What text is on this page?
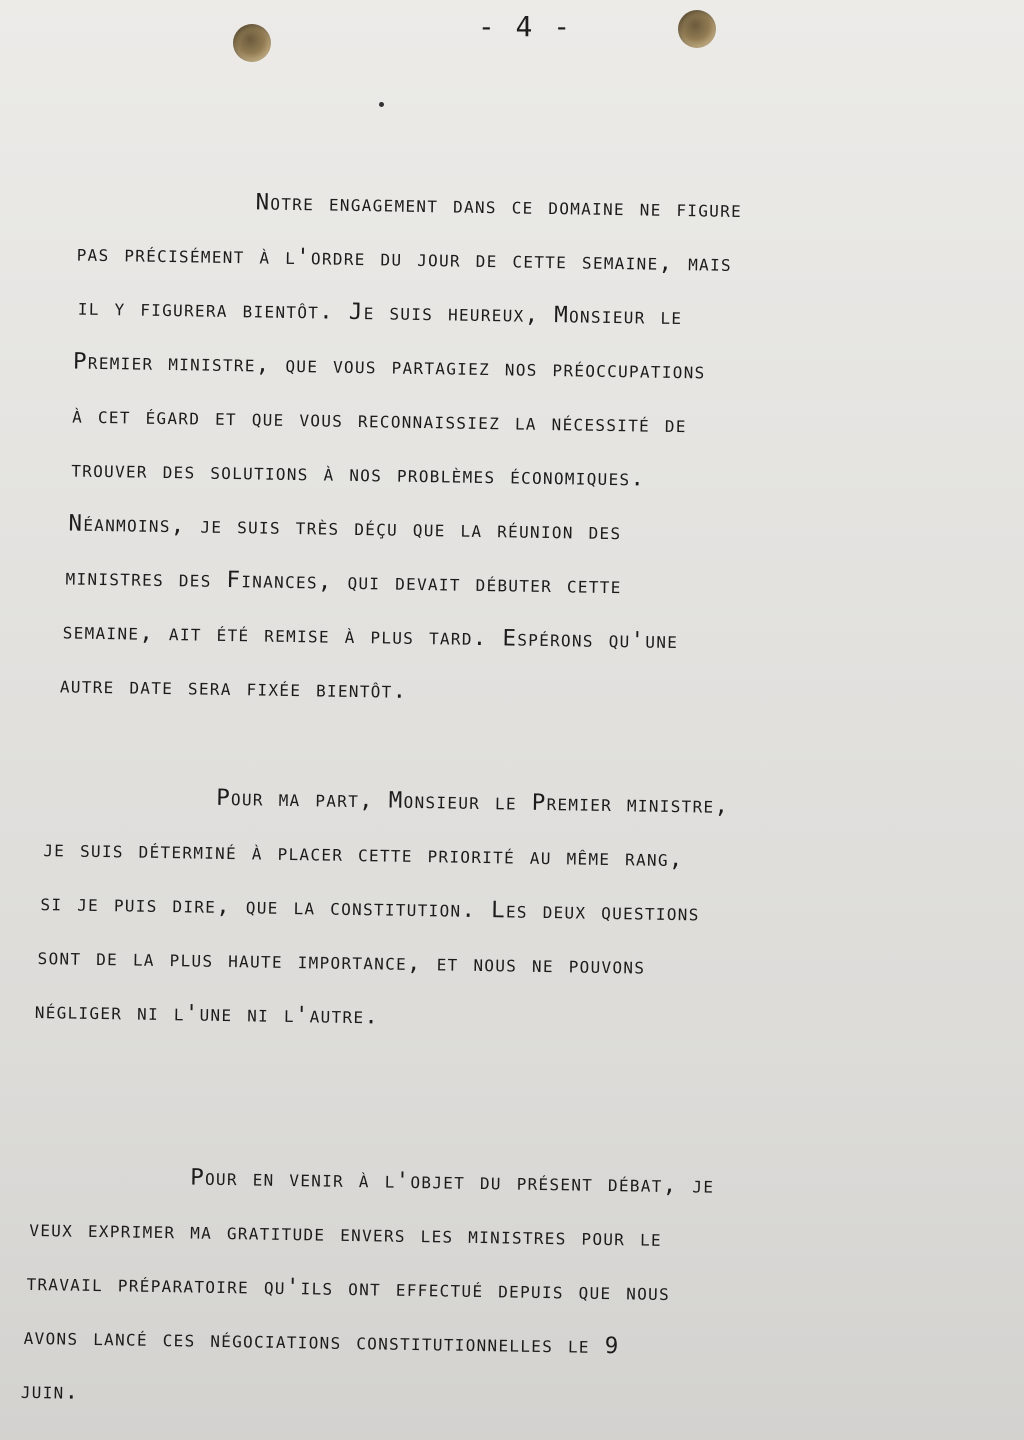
- 4 -
Notre engagement dans ce domaine ne figure
pas précisément à l'ordre du jour de cette semaine, mais
il y figurera bientôt. Je suis heureux, Monsieur le
Premier ministre, que vous partagiez nos préoccupations
à cet égard et que vous reconnaissiez la nécessité de
trouver des solutions à nos problèmes économiques.
Néanmoins, je suis très déçu que la réunion des
ministres des Finances, qui devait débuter cette
semaine, ait été remise à plus tard. Espérons qu'une
autre date sera fixée bientôt.
Pour ma part, Monsieur le Premier ministre,
je suis déterminé à placer cette priorité au même rang,
si je puis dire, que la constitution. Les deux questions
sont de la plus haute importance, et nous ne pouvons
négliger ni l'une ni l'autre.
Pour en venir à l'objet du présent débat, je
veux exprimer ma gratitude envers les ministres pour le
travail préparatoire qu'ils ont effectué depuis que nous
avons lancé ces négociations constitutionnelles le 9
juin.
